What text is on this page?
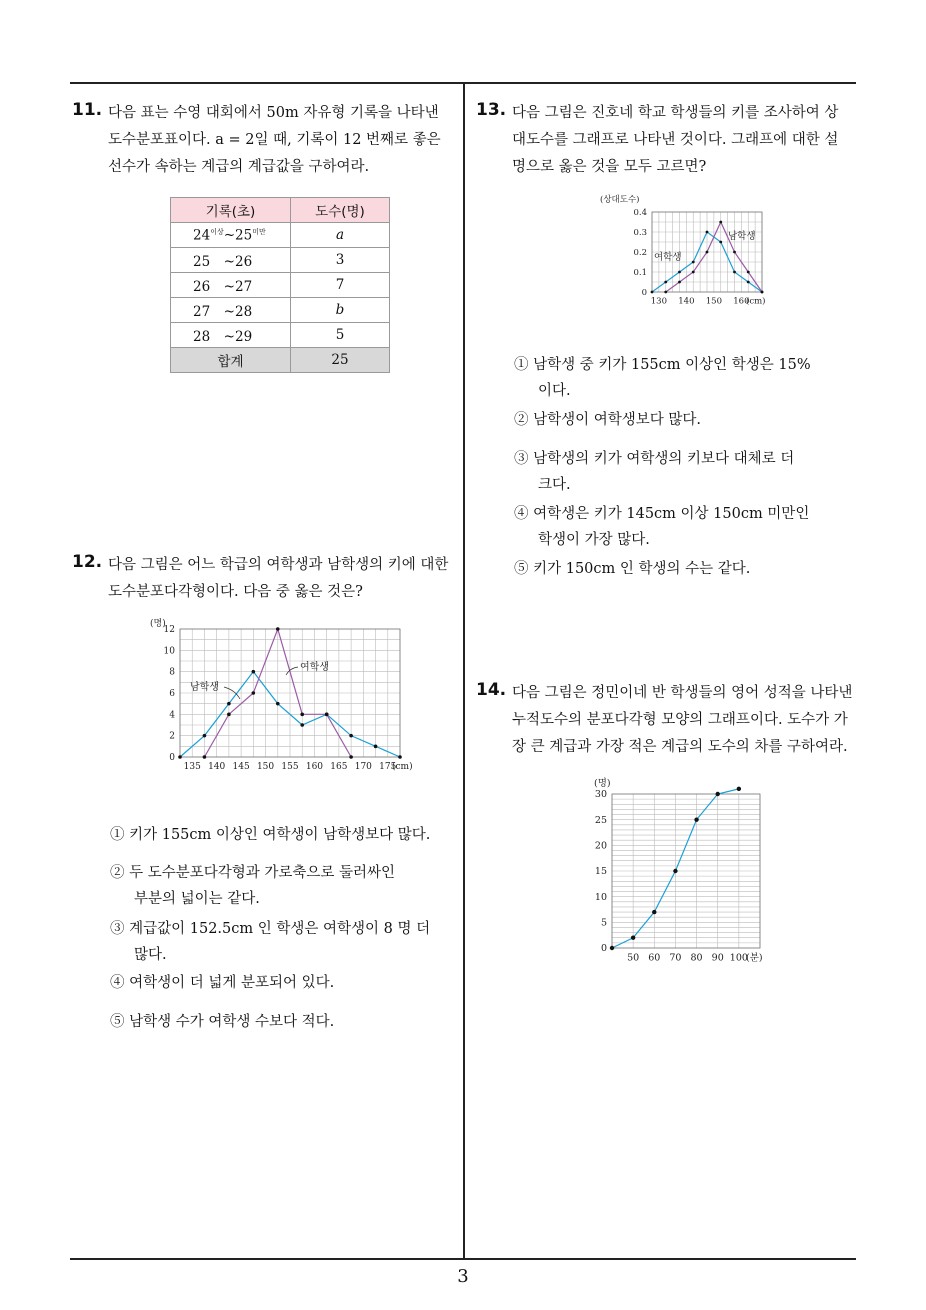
3
11. 다음 표는 수영 대회에서 50m 자유형 기록을 나타낸
도수분포표이다. a = 2일 때, 기록이 12 번째로 좋은
선수가 속하는 계급의 계급값을 구하여라.
기록(초)	도수(명)
$24^{이상}\sim 25^{미만}$	a
25　~26	3
26　~27	7
27　~28	b
28　~29	5
합계	25
12. 다음 그림은 어느 학급의 여학생과 남학생의 키에 대한
도수분포다각형이다. 다음 중 옳은 것은?
135 140 145 150 155 160 165 170 175
0
2
4
6
8
10
12
(명)
(cm)
남학생
여학생
① 키가 155cm 이상인 여학생이 남학생보다 많다.
② 두 도수분포다각형과 가로축으로 둘러싸인
부분의 넓이는 같다.
③ 계급값이 152.5cm 인 학생은 여학생이 8 명 더
많다.
④ 여학생이 더 넓게 분포되어 있다.
⑤ 남학생 수가 여학생 수보다 적다.
13. 다음 그림은 진호네 학교 학생들의 키를 조사하여 상
대도수를 그래프로 나타낸 것이다. 그래프에 대한 설
명으로 옳은 것을 모두 고르면?
130 140 150 160
0
0.1
0.2
0.3
0.4
(상대도수)
(cm)
여학생
남학생
① 남학생 중 키가 155cm 이상인 학생은 15%
이다.
② 남학생이 여학생보다 많다.
③ 남학생의 키가 여학생의 키보다 대체로 더
크다.
④ 여학생은 키가 145cm 이상 150cm 미만인
학생이 가장 많다.
⑤ 키가 150cm 인 학생의 수는 같다.
14. 다음 그림은 정민이네 반 학생들의 영어 성적을 나타낸
누적도수의 분포다각형 모양의 그래프이다. 도수가 가
장 큰 계급과 가장 적은 계급의 도수의 차를 구하여라.
50 60 70 80 90 100
0
5
10
15
20
25
30
(명)
(분)
